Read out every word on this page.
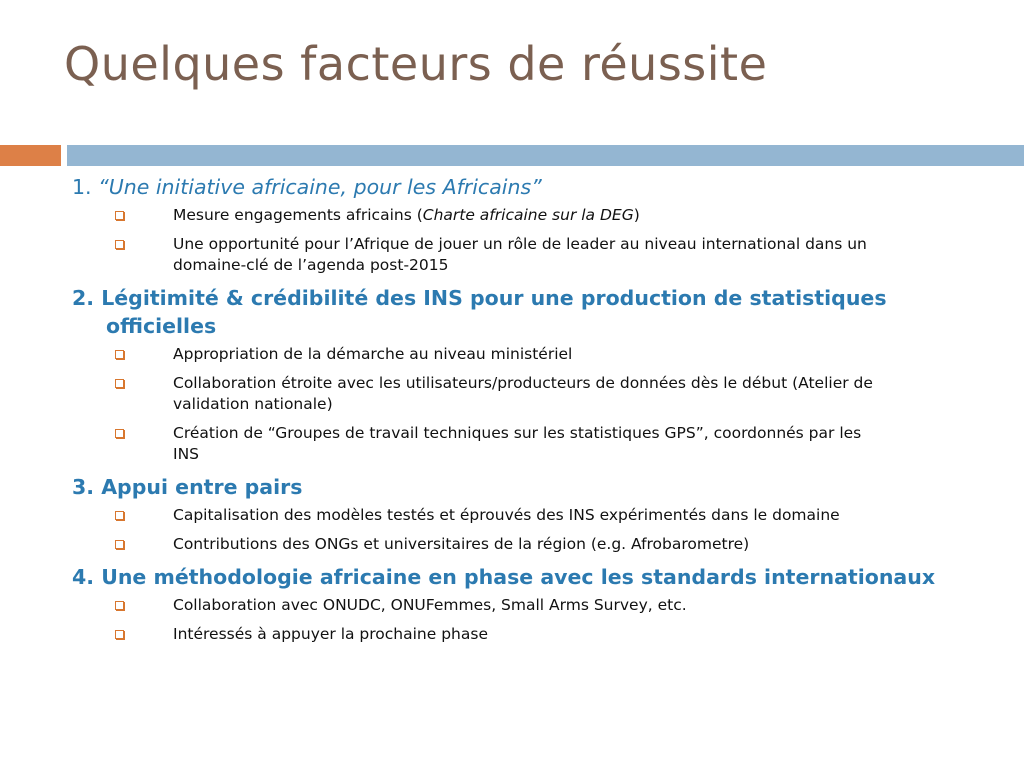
Quelques facteurs de réussite

1. “Une initiative africaine, pour les Africains”

Mesure engagements africains (Charte africaine sur la DEG)
Une opportunité pour l’Afrique de jouer un rôle de leader au niveau international dans un domaine-clé de l’agenda post-2015

2. Légitimité & crédibilité des INS pour une production de statistiques officielles

Appropriation de la démarche au niveau ministériel
Collaboration étroite avec les utilisateurs/producteurs de données dès le début (Atelier de validation nationale)
Création de “Groupes de travail techniques sur les statistiques GPS”, coordonnés par les INS

3. Appui entre pairs

Capitalisation des modèles testés et éprouvés des INS expérimentés dans le domaine
Contributions des ONGs et universitaires de la région (e.g. Afrobarometre)

4. Une méthodologie africaine en phase avec les standards internationaux

Collaboration avec ONUDC, ONUFemmes, Small Arms Survey, etc.
Intéressés à appuyer la prochaine phase
